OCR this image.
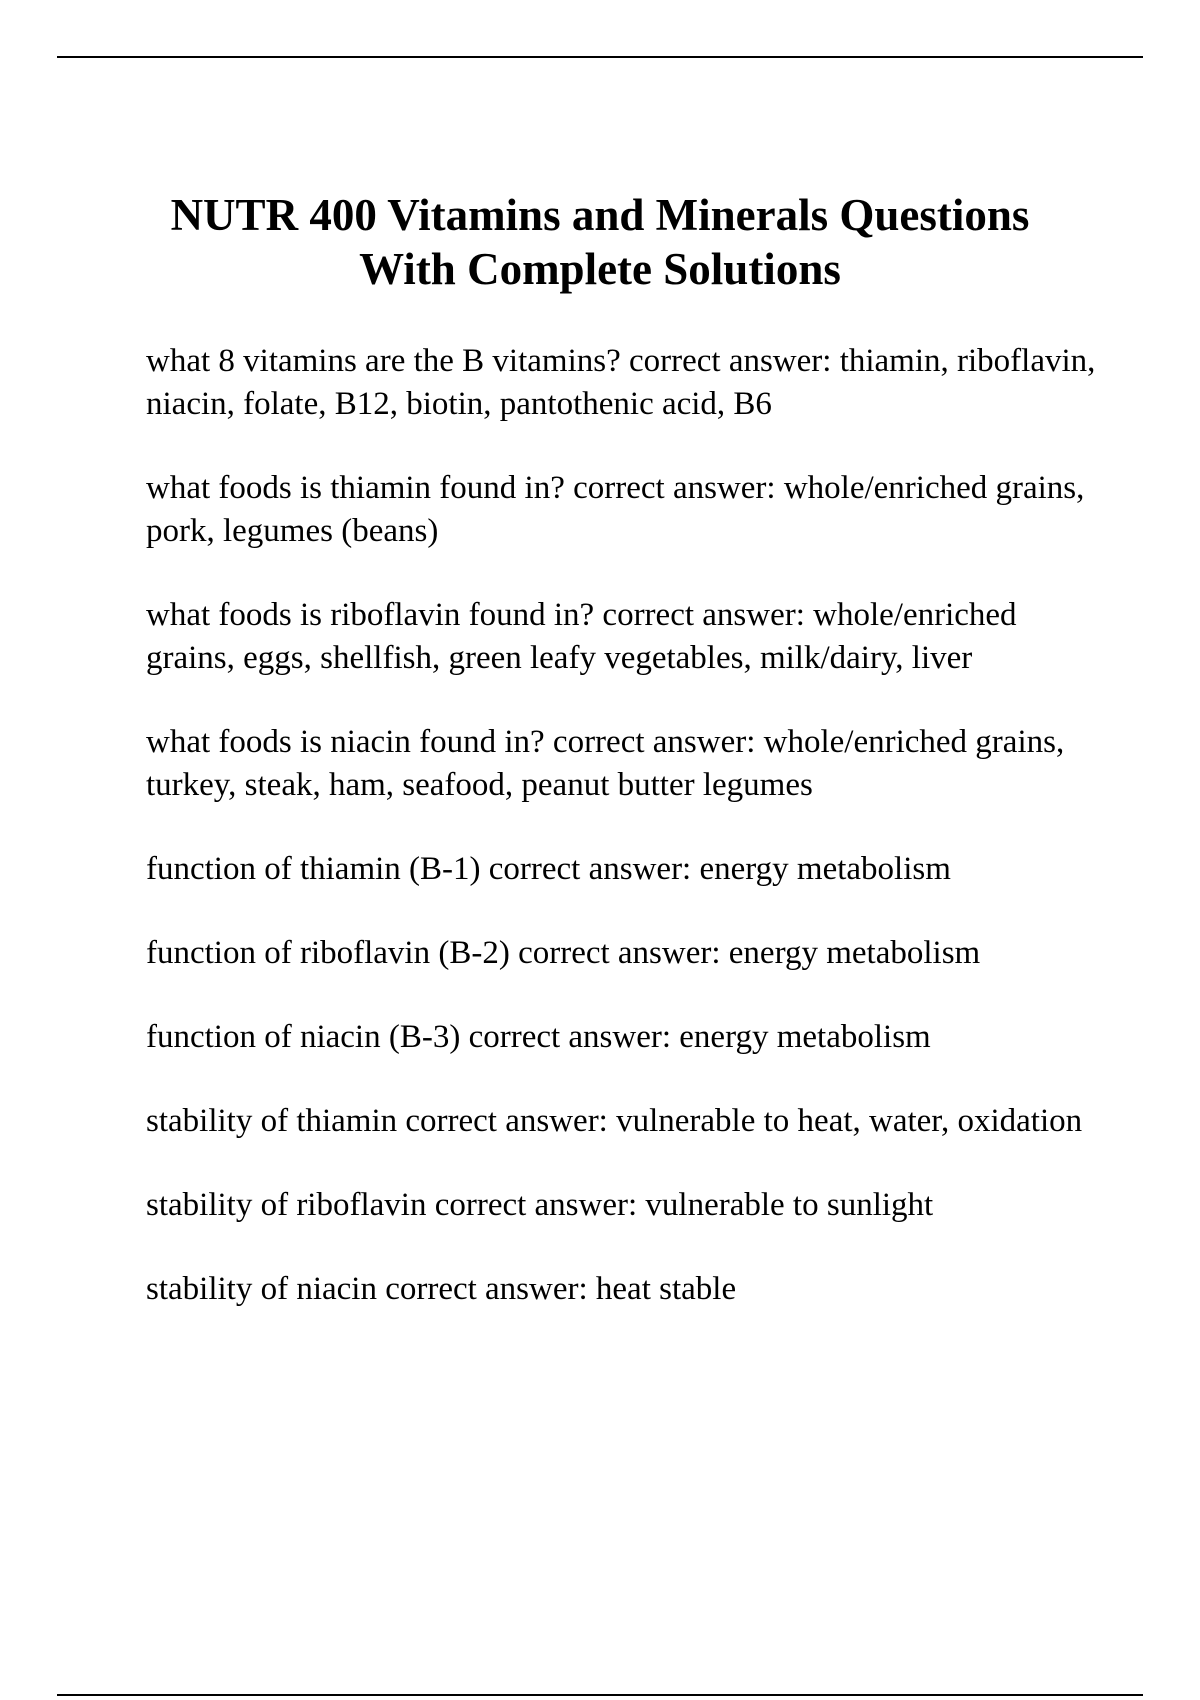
NUTR 400 Vitamins and Minerals Questions
With Complete Solutions
what 8 vitamins are the B vitamins? correct answer: thiamin, riboflavin, niacin, folate, B12, biotin, pantothenic acid, B6
what foods is thiamin found in? correct answer: whole/enriched grains, pork, legumes (beans)
what foods is riboflavin found in? correct answer: whole/enriched grains, eggs, shellfish, green leafy vegetables, milk/dairy, liver
what foods is niacin found in? correct answer: whole/enriched grains, turkey, steak, ham, seafood, peanut butter legumes
function of thiamin (B-1) correct answer: energy metabolism
function of riboflavin (B-2) correct answer: energy metabolism
function of niacin (B-3) correct answer: energy metabolism
stability of thiamin correct answer: vulnerable to heat, water, oxidation
stability of riboflavin correct answer: vulnerable to sunlight
stability of niacin correct answer: heat stable
